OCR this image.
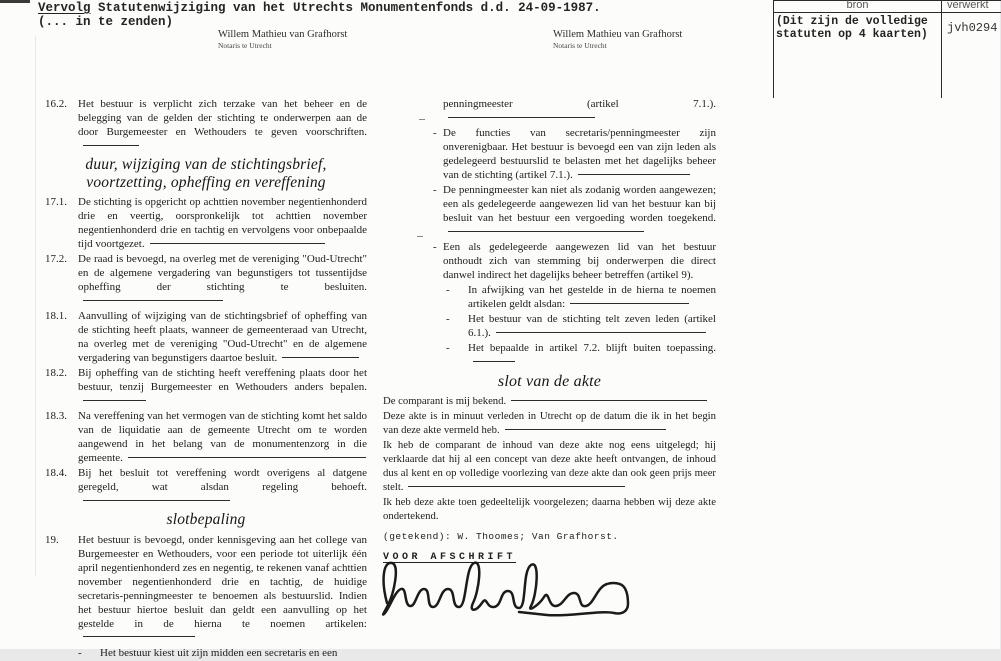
Vervolg Statutenwijziging van het Utrechts Monumentenfonds d.d. 24-09-1987.
(... in te zenden)
Willem Mathieu van Grafhorst
Notaris te Utrecht
Willem Mathieu van Grafhorst
Notaris te Utrecht
bron	verwerkt
(Dit zijn de volledige
statuten op 4 kaarten) jvh0294
16.2. Het bestuur is verplicht zich terzake van het beheer en de belegging van de gelden der stichting te onderwerpen aan de door Burgemeester en Wethouders te geven voorschriften.
duur, wijziging van de stichtingsbrief,
voortzetting, opheffing en vereffening
17.1. De stichting is opgericht op achttien november negentienhonderd drie en veertig, oorspronkelijk tot achttien november negentienhonderd drie en tachtig en vervolgens voor onbepaalde tijd voortgezet.
17.2. De raad is bevoegd, na overleg met de vereniging "Oud-Utrecht" en de algemene vergadering van begunstigers tot tussentijdse opheffing der stichting te besluiten.
18.1. Aanvulling of wijziging van de stichtingsbrief of opheffing van de stichting heeft plaats, wanneer de gemeenteraad van Utrecht, na overleg met de vereniging "Oud-Utrecht" en de algemene vergadering van begunstigers daartoe besluit.
18.2. Bij opheffing van de stichting heeft vereffening plaats door het bestuur, tenzij Burgemeester en Wethouders anders bepalen.
18.3. Na vereffening van het vermogen van de stichting komt het saldo van de liquidatie aan de gemeente Utrecht om te worden aangewend in het belang van de monumentenzorg in die gemeente.
18.4. Bij het besluit tot vereffening wordt overigens al datgene geregeld, wat alsdan regeling behoeft.
slotbepaling
19. Het bestuur is bevoegd, onder kennisgeving aan het college van Burgemeester en Wethouders, voor een periode tot uiterlijk één april negentienhonderd zes en negentig, te rekenen vanaf achttien november negentienhonderd drie en tachtig, de huidige secretaris-penningmeester te benoemen als bestuurslid. Indien het bestuur hiertoe besluit dan geldt een aanvulling op het gestelde in de hierna te noemen artikelen:
- Het bestuur kiest uit zijn midden een secretaris en een
penningmeester (artikel 7.1.).
- De functies van secretaris/penningmeester zijn onverenigbaar. Het bestuur is bevoegd een van zijn leden als gedelegeerd bestuurslid te belasten met het dagelijks beheer van de stichting (artikel 7.1.).
- De penningmeester kan niet als zodanig worden aangewezen; een als gedelegeerde aangewezen lid van het bestuur kan bij besluit van het bestuur een vergoeding worden toegekend.
- Een als gedelegeerde aangewezen lid van het bestuur onthoudt zich van stemming bij onderwerpen die direct danwel indirect het dagelijks beheer betreffen (artikel 9).
- In afwijking van het gestelde in de hierna te noemen artikelen geldt alsdan:
- Het bestuur van de stichting telt zeven leden (artikel 6.1.).
- Het bepaalde in artikel 7.2. blijft buiten toepassing.
slot van de akte
De comparant is mij bekend.
Deze akte is in minuut verleden in Utrecht op de datum die ik in het begin van deze akte vermeld heb.
Ik heb de comparant de inhoud van deze akte nog eens uitgelegd; hij verklaarde dat hij al een concept van deze akte heeft ontvangen, de inhoud dus al kent en op volledige voorlezing van deze akte dan ook geen prijs meer stelt.
Ik heb deze akte toen gedeeltelijk voorgelezen; daarna hebben wij deze akte ondertekend.
(getekend): W. Thoomes; Van Grafhorst.
VOOR AFSCHRIFT
